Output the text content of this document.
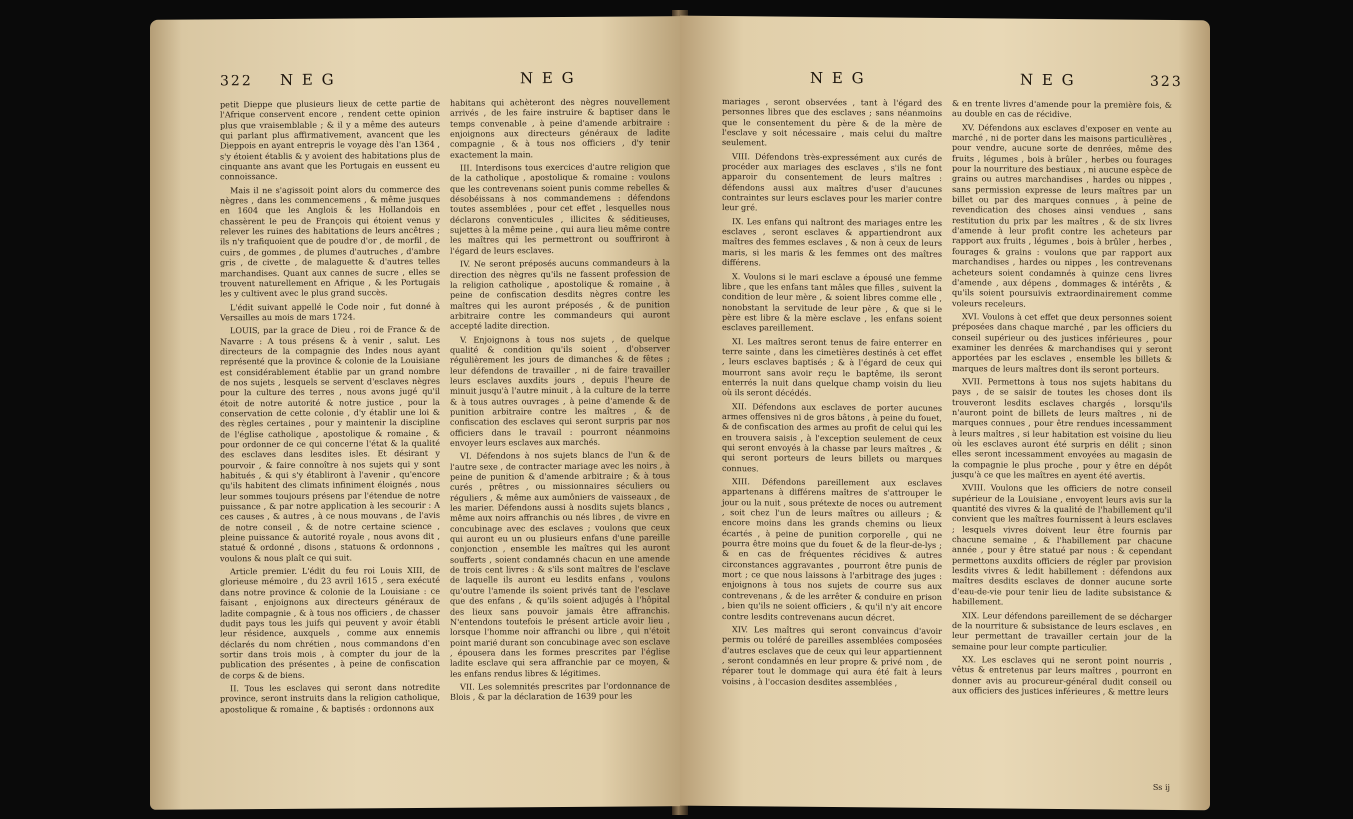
322 N E G	N E G

petit Dieppe que plusieurs lieux de cette partie de l'Afrique conservent encore , rendent cette opinion plus que vraisemblable ; & il y a même des auteurs qui parlant plus affirmativement, avancent que les Dieppois en ayant entrepris le voyage dès l'an 1364 , s'y étoient établis & y avoient des habitations plus de cinquante ans avant que les Portugais en eussent eu connoissance.

Mais il ne s'agissoit point alors du commerce des nègres , dans les commencemens , & même jusques en 1604 que les Anglois & les Hollandois en chassèrent le peu de François qui étoient venus y relever les ruines des habitations de leurs ancêtres ; ils n'y trafiquoient que de poudre d'or , de morfil , de cuirs , de gommes , de plumes d'autruches , d'ambre gris , de civette , de malaguette & d'autres telles marchandises. Quant aux cannes de sucre , elles se trouvent naturellement en Afrique , & les Portugais les y cultivent avec le plus grand succès.

L'édit suivant appellé le Code noir , fut donné à Versailles au mois de mars 1724.

LOUIS, par la grace de Dieu , roi de France & de Navarre : A tous présens & à venir , salut. Les directeurs de la compagnie des Indes nous ayant représenté que la province & colonie de la Louisiane est considérablement établie par un grand nombre de nos sujets , lesquels se servent d'esclaves nègres pour la culture des terres , nous avons jugé qu'il étoit de notre autorité & notre justice , pour la conservation de cette colonie , d'y établir une loi & des règles certaines , pour y maintenir la discipline de l'église catholique , apostolique & romaine , & pour ordonner de ce qui concerne l'état & la qualité des esclaves dans lesdites isles. Et désirant y pourvoir , & faire connoître à nos sujets qui y sont habitués , & qui s'y établiront à l'avenir , qu'encore qu'ils habitent des climats infiniment éloignés , nous leur sommes toujours présens par l'étendue de notre puissance , & par notre application à les secourir : A ces causes , & autres , à ce nous mouvans , de l'avis de notre conseil , & de notre certaine science , pleine puissance & autorité royale , nous avons dit , statué & ordonné , disons , statuons & ordonnons , voulons & nous plaît ce qui suit.

Article premier. L'édit du feu roi Louis XIII, de glorieuse mémoire , du 23 avril 1615 , sera exécuté dans notre province & colonie de la Louisiane : ce faisant , enjoignons aux directeurs généraux de ladite compagnie , & à tous nos officiers , de chasser dudit pays tous les juifs qui peuvent y avoir établi leur résidence, auxquels , comme aux ennemis déclarés du nom chrétien , nous commandons d'en sortir dans trois mois , à compter du jour de la publication des présentes , à peine de confiscation de corps & de biens.

II. Tous les esclaves qui seront dans notredite province, seront instruits dans la religion catholique, apostolique & romaine , & baptisés : ordonnons aux

habitans qui achèteront des nègres nouvellement arrivés , de les faire instruire & baptiser dans le temps convenable , à peine d'amende arbitraire : enjoignons aux directeurs généraux de ladite compagnie , & à tous nos officiers , d'y tenir exactement la main.

III. Interdisons tous exercices d'autre religion que de la catholique , apostolique & romaine : voulons que les contrevenans soient punis comme rebelles & désobéissans à nos commandemens : défendons toutes assemblées , pour cet effet , lesquelles nous déclarons conventicules , illicites & séditieuses, sujettes à la même peine , qui aura lieu même contre les maîtres qui les permettront ou souffriront à l'égard de leurs esclaves.

IV. Ne seront préposés aucuns commandeurs à la direction des nègres qu'ils ne fassent profession de la religion catholique , apostolique & romaine , à peine de confiscation desdits nègres contre les maîtres qui les auront préposés , & de punition arbitraire contre les commandeurs qui auront accepté ladite direction.

V. Enjoignons à tous nos sujets , de quelque qualité & condition qu'ils soient , d'observer régulièrement les jours de dimanches & de fêtes ; leur défendons de travailler , ni de faire travailler leurs esclaves auxdits jours , depuis l'heure de minuit jusqu'à l'autre minuit , à la culture de la terre & à tous autres ouvrages , à peine d'amende & de punition arbitraire contre les maîtres , & de confiscation des esclaves qui seront surpris par nos officiers dans le travail : pourront néanmoins envoyer leurs esclaves aux marchés.

VI. Défendons à nos sujets blancs de l'un & de l'autre sexe , de contracter mariage avec les noirs , à peine de punition & d'amende arbitraire ; & à tous curés , prêtres , ou missionnaires séculiers ou réguliers , & même aux aumôniers de vaisseaux , de les marier. Défendons aussi à nosdits sujets blancs , même aux noirs affranchis ou nés libres , de vivre en concubinage avec des esclaves ; voulons que ceux qui auront eu un ou plusieurs enfans d'une pareille conjonction , ensemble les maîtres qui les auront soufferts , soient condamnés chacun en une amende de trois cent livres : & s'ils sont maîtres de l'esclave de laquelle ils auront eu lesdits enfans , voulons qu'outre l'amende ils soient privés tant de l'esclave que des enfans , & qu'ils soient adjugés à l'hôpital des lieux sans pouvoir jamais être affranchis. N'entendons toutefois le présent article avoir lieu , lorsque l'homme noir affranchi ou libre , qui n'étoit point marié durant son concubinage avec son esclave , épousera dans les formes prescrites par l'église ladite esclave qui sera affranchie par ce moyen, & les enfans rendus libres & légitimes.

VII. Les solemnités prescrites par l'ordonnance de Blois , & par la déclaration de 1639 pour les

N E G	N E G	323

mariages , seront observées , tant à l'égard des personnes libres que des esclaves ; sans néanmoins que le consentement du père & de la mère de l'esclave y soit nécessaire , mais celui du maître seulement.

VIII. Défendons très-expressément aux curés de procéder aux mariages des esclaves , s'ils ne font apparoir du consentement de leurs maîtres : défendons aussi aux maîtres d'user d'aucunes contraintes sur leurs esclaves pour les marier contre leur gré.

IX. Les enfans qui naîtront des mariages entre les esclaves , seront esclaves & appartiendront aux maîtres des femmes esclaves , & non à ceux de leurs maris, si les maris & les femmes ont des maîtres différens.

X. Voulons si le mari esclave a épousé une femme libre , que les enfans tant mâles que filles , suivent la condition de leur mère , & soient libres comme elle , nonobstant la servitude de leur père , & que si le père est libre & la mère esclave , les enfans soient esclaves pareillement.

XI. Les maîtres seront tenus de faire enterrer en terre sainte , dans les cimetières destinés à cet effet , leurs esclaves baptisés ; & à l'égard de ceux qui mourront sans avoir reçu le baptême, ils seront enterrés la nuit dans quelque champ voisin du lieu où ils seront décédés.

XII. Défendons aux esclaves de porter aucunes armes offensives ni de gros bâtons , à peine du fouet, & de confiscation des armes au profit de celui qui les en trouvera saisis , à l'exception seulement de ceux qui seront envoyés à la chasse par leurs maîtres , & qui seront porteurs de leurs billets ou marques connues.

XIII. Défendons pareillement aux esclaves appartenans à différens maîtres de s'attrouper le jour ou la nuit , sous prétexte de noces ou autrement , soit chez l'un de leurs maîtres ou ailleurs ; & encore moins dans les grands chemins ou lieux écartés , à peine de punition corporelle , qui ne pourra être moins que du fouet & de la fleur-de-lys ; & en cas de fréquentes récidives & autres circonstances aggravantes , pourront être punis de mort ; ce que nous laissons à l'arbitrage des juges : enjoignons à tous nos sujets de courre sus aux contrevenans , & de les arrêter & conduire en prison , bien qu'ils ne soient officiers , & qu'il n'y ait encore contre lesdits contrevenans aucun décret.

XIV. Les maîtres qui seront convaincus d'avoir permis ou toléré de pareilles assemblées composées d'autres esclaves que de ceux qui leur appartiennent , seront condamnés en leur propre & privé nom , de réparer tout le dommage qui aura été fait à leurs voisins , à l'occasion desdites assemblées ,

& en trente livres d'amende pour la première fois, & au double en cas de récidive.

XV. Défendons aux esclaves d'exposer en vente au marché , ni de porter dans les maisons particulières , pour vendre, aucune sorte de denrées, même des fruits , légumes , bois à brûler , herbes ou fourages pour la nourriture des bestiaux , ni aucune espèce de grains ou autres marchandises , hardes ou nippes , sans permission expresse de leurs maîtres par un billet ou par des marques connues , à peine de revendication des choses ainsi vendues , sans restitution du prix par les maîtres , & de six livres d'amende à leur profit contre les acheteurs par rapport aux fruits , légumes , bois à brûler , herbes , fourages & grains : voulons que par rapport aux marchandises , hardes ou nippes , les contrevenans acheteurs soient condamnés à quinze cens livres d'amende , aux dépens , dommages & intérêts , & qu'ils soient poursuivis extraordinairement comme voleurs receleurs.

XVI. Voulons à cet effet que deux personnes soient préposées dans chaque marché , par les officiers du conseil supérieur ou des justices inférieures , pour examiner les denrées & marchandises qui y seront apportées par les esclaves , ensemble les billets & marques de leurs maîtres dont ils seront porteurs.

XVII. Permettons à tous nos sujets habitans du pays , de se saisir de toutes les choses dont ils trouveront lesdits esclaves chargés , lorsqu'ils n'auront point de billets de leurs maîtres , ni de marques connues , pour être rendues incessamment à leurs maîtres , si leur habitation est voisine du lieu où les esclaves auront été surpris en délit ; sinon elles seront incessamment envoyées au magasin de la compagnie le plus proche , pour y être en dépôt jusqu'à ce que les maîtres en ayent été avertis.

XVIII. Voulons que les officiers de notre conseil supérieur de la Louisiane , envoyent leurs avis sur la quantité des vivres & la qualité de l'habillement qu'il convient que les maîtres fournissent à leurs esclaves ; lesquels vivres doivent leur être fournis par chacune semaine , & l'habillement par chacune année , pour y être statué par nous : & cependant permettons auxdits officiers de régler par provision lesdits vivres & ledit habillement : défendons aux maîtres desdits esclaves de donner aucune sorte d'eau-de-vie pour tenir lieu de ladite subsistance & habillement.

XIX. Leur défendons pareillement de se décharger de la nourriture & subsistance de leurs esclaves , en leur permettant de travailler certain jour de la semaine pour leur compte particulier.

XX. Les esclaves qui ne seront point nourris , vêtus & entretenus par leurs maîtres , pourront en donner avis au procureur-général dudit conseil ou aux officiers des justices inférieures , & mettre leurs

Ss ij
